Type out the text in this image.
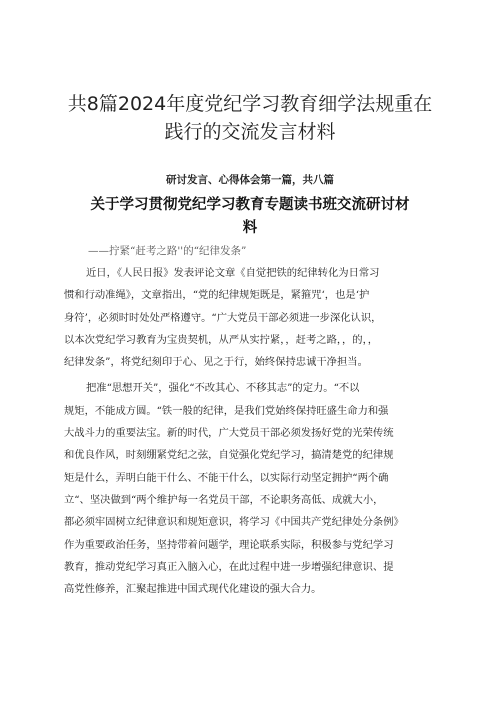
共8篇2024年度党纪学习教育细学法规重在
践行的交流发言材料
研讨发言、心得体会第一篇，共八篇
关于学习贯彻党纪学习教育专题读书班交流研讨材
料
——拧紧“赶考之路''的“纪律发条”
近日，《人民日报》发表评论文章《自觉把铁的纪律转化为日常习
惯和行动准绳》，文章指出，“党的纪律规矩既是，紧箍咒‘，也是‘护
身符’，必须时时处处严格遵守。“广大党员干部必须进一步深化认识，
以本次党纪学习教育为宝贵契机，从严从实拧紧，，赶考之路，，的，，
纪律发条”，将党纪刻印于心、见之于行，始终保持忠诚干净担当。
把准“思想开关”，强化“不改其心、不移其志”的定力。“不以
规矩，不能成方圆。“铁一般的纪律，是我们党始终保持旺盛生命力和强
大战斗力的重要法宝。新的时代，广大党员干部必须发扬好党的光荣传统
和优良作风，时刻绷紧党纪之弦，自觉强化党纪学习，搞清楚党的纪律规
矩是什么，弄明白能干什么、不能干什么，以实际行动坚定拥护“两个确
立“、坚决做到“两个维护每一名党员干部，不论职务高低、成就大小，
都必须牢固树立纪律意识和规矩意识，将学习《中国共产党纪律处分条例》
作为重要政治任务，坚持带着问题学，理论联系实际，积极参与党纪学习
教育，推动党纪学习真正入脑入心，在此过程中进一步增强纪律意识、提
高党性修养，汇聚起推进中国式现代化建设的强大合力。
